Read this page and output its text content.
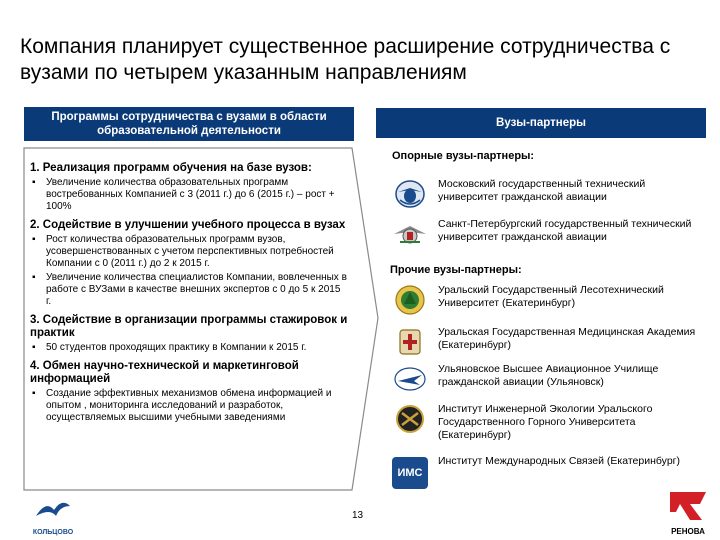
Компания планирует существенное расширение сотрудничества с вузами по четырем указанным направлениям
Программы сотрудничества с вузами в области образовательной деятельности
Вузы-партнеры
1. Реализация программ обучения на базе вузов:
▪ Увеличение количества образовательных программ востребованных Компанией с 3 (2011 г.) до 6 (2015 г.) – рост + 100%
2. Содействие в улучшении учебного процесса в вузах
▪ Рост количества образовательных программ вузов, усовершенствованных с учетом перспективных потребностей Компании с 0 (2011 г.) до 2 к 2015 г.
▪ Увеличение количества специалистов Компании, вовлеченных в работе с ВУЗами в качестве внешних экспертов с 0 до 5 к 2015 г.
3. Содействие в организации программы стажировок и практик
▪ 50 студентов проходящих практику в Компании к 2015 г.
4. Обмен научно-технической и маркетинговой информацией
▪ Создание эффективных механизмов обмена информацией и опытом , мониторинга исследований и разработок, осуществляемых высшими учебными заведениями
Опорные вузы-партнеры:
Московский государственный технический университет гражданской авиации
Санкт-Петербургский государственный технический университет гражданской авиации
Прочие вузы-партнеры:
Уральский Государственный Лесотехнический Университет (Екатеринбург)
Уральская Государственная Медицинская Академия (Екатеринбург)
Ульяновское Высшее Авиационное Училище гражданской авиации (Ульяновск)
Институт Инженерной Экологии Уральского Государственного Горного Университета (Екатеринбург)
ИМС
Институт Международных Связей (Екатеринбург)
13
КОЛЬЦОВО	РЕНОВА
